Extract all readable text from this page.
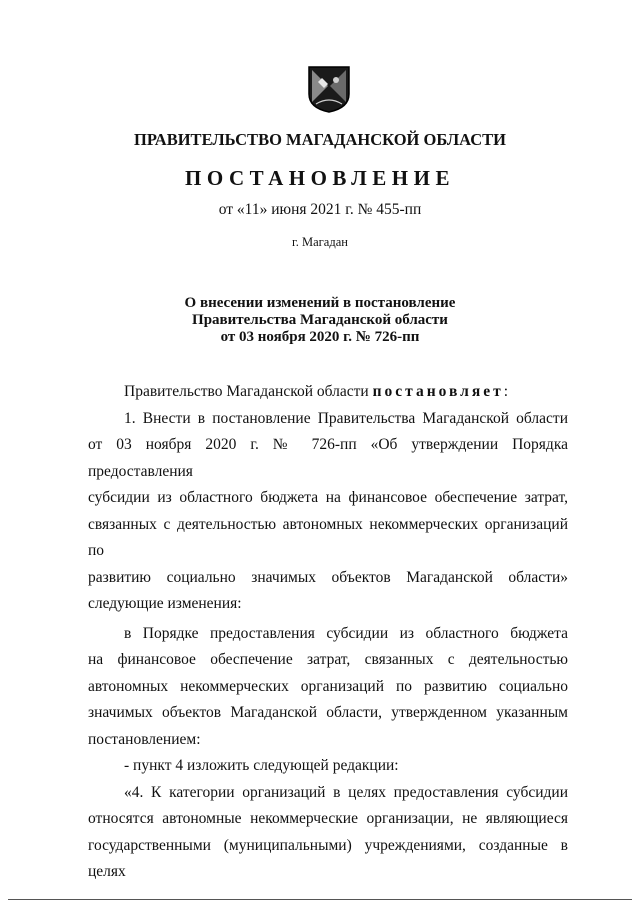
ПРАВИТЕЛЬСТВО МАГАДАНСКОЙ ОБЛАСТИ
ПОСТАНОВЛЕНИЕ
от «11» июня 2021 г. № 455-пп
г. Магадан
О внесении изменений в постановление
Правительства Магаданской области
от 03 ноября 2020 г. № 726-пп

Правительство Магаданской области постановляет:

1. Внести в постановление Правительства Магаданской области

от 03 ноября 2020 г. № 726-пп «Об утверждении Порядка предоставления

субсидии из областного бюджета на финансовое обеспечение затрат,

связанных с деятельностью автономных некоммерческих организаций по

развитию социально значимых объектов Магаданской области»

следующие изменения:

в Порядке предоставления субсидии из областного бюджета

на финансовое обеспечение затрат, связанных с деятельностью

автономных некоммерческих организаций по развитию социально

значимых объектов Магаданской области, утвержденном указанным

постановлением:

- пункт 4 изложить следующей редакции:

«4. К категории организаций в целях предоставления субсидии

относятся автономные некоммерческие организации, не являющиеся

государственными (муниципальными) учреждениями, созданные в целях
